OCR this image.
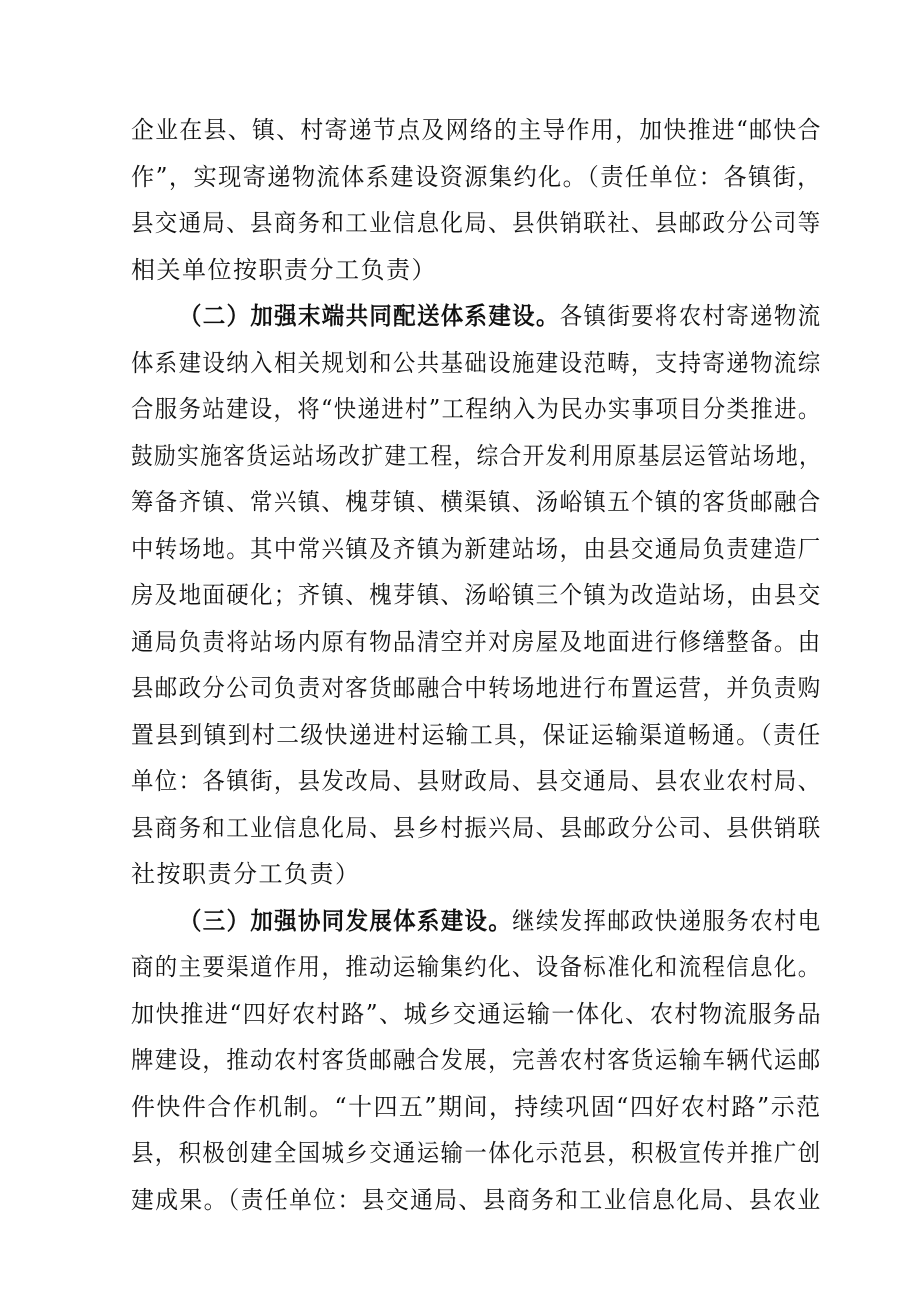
企业在县、镇、村寄递节点及网络的主导作用，加快推进“邮快合
作”，实现寄递物流体系建设资源集约化。（责任单位：各镇街，
县交通局、县商务和工业信息化局、县供销联社、县邮政分公司等
相关单位按职责分工负责）
（二）加强末端共同配送体系建设。各镇街要将农村寄递物流
体系建设纳入相关规划和公共基础设施建设范畴，支持寄递物流综
合服务站建设，将“快递进村”工程纳入为民办实事项目分类推进。
鼓励实施客货运站场改扩建工程，综合开发利用原基层运管站场地，
筹备齐镇、常兴镇、槐芽镇、横渠镇、汤峪镇五个镇的客货邮融合
中转场地。其中常兴镇及齐镇为新建站场，由县交通局负责建造厂
房及地面硬化；齐镇、槐芽镇、汤峪镇三个镇为改造站场，由县交
通局负责将站场内原有物品清空并对房屋及地面进行修缮整备。由
县邮政分公司负责对客货邮融合中转场地进行布置运营，并负责购
置县到镇到村二级快递进村运输工具，保证运输渠道畅通。（责任
单位：各镇街，县发改局、县财政局、县交通局、县农业农村局、
县商务和工业信息化局、县乡村振兴局、县邮政分公司、县供销联
社按职责分工负责）
（三）加强协同发展体系建设。继续发挥邮政快递服务农村电
商的主要渠道作用，推动运输集约化、设备标准化和流程信息化。
加快推进“四好农村路”、城乡交通运输一体化、农村物流服务品
牌建设，推动农村客货邮融合发展，完善农村客货运输车辆代运邮
件快件合作机制。“十四五”期间，持续巩固“四好农村路”示范
县，积极创建全国城乡交通运输一体化示范县，积极宣传并推广创
建成果。（责任单位：县交通局、县商务和工业信息化局、县农业
